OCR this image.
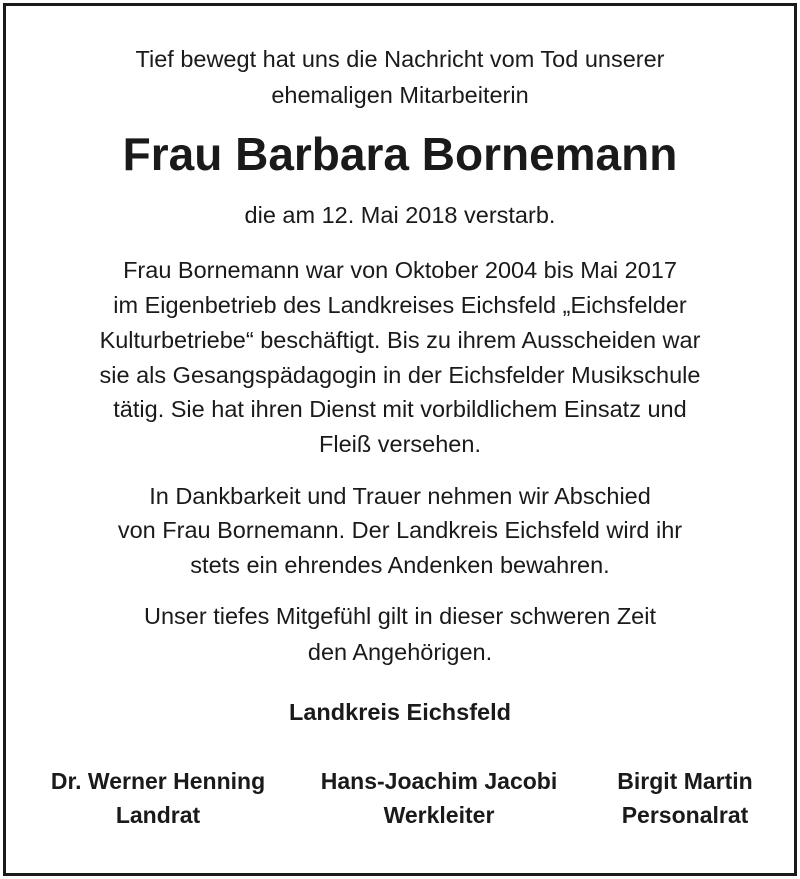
Tief bewegt hat uns die Nachricht vom Tod unserer
ehemaligen Mitarbeiterin
Frau Barbara Bornemann
die am 12. Mai 2018 verstarb.
Frau Bornemann war von Oktober 2004 bis Mai 2017
im Eigenbetrieb des Landkreises Eichsfeld „Eichsfelder
Kulturbetriebe“ beschäftigt. Bis zu ihrem Ausscheiden war
sie als Gesangspädagogin in der Eichsfelder Musikschule
tätig. Sie hat ihren Dienst mit vorbildlichem Einsatz und
Fleiß versehen.
In Dankbarkeit und Trauer nehmen wir Abschied
von Frau Bornemann. Der Landkreis Eichsfeld wird ihr
stets ein ehrendes Andenken bewahren.
Unser tiefes Mitgefühl gilt in dieser schweren Zeit
den Angehörigen.
Landkreis Eichsfeld
Dr. Werner Henning
Landrat
Hans-Joachim Jacobi
Werkleiter
Birgit Martin
Personalrat
